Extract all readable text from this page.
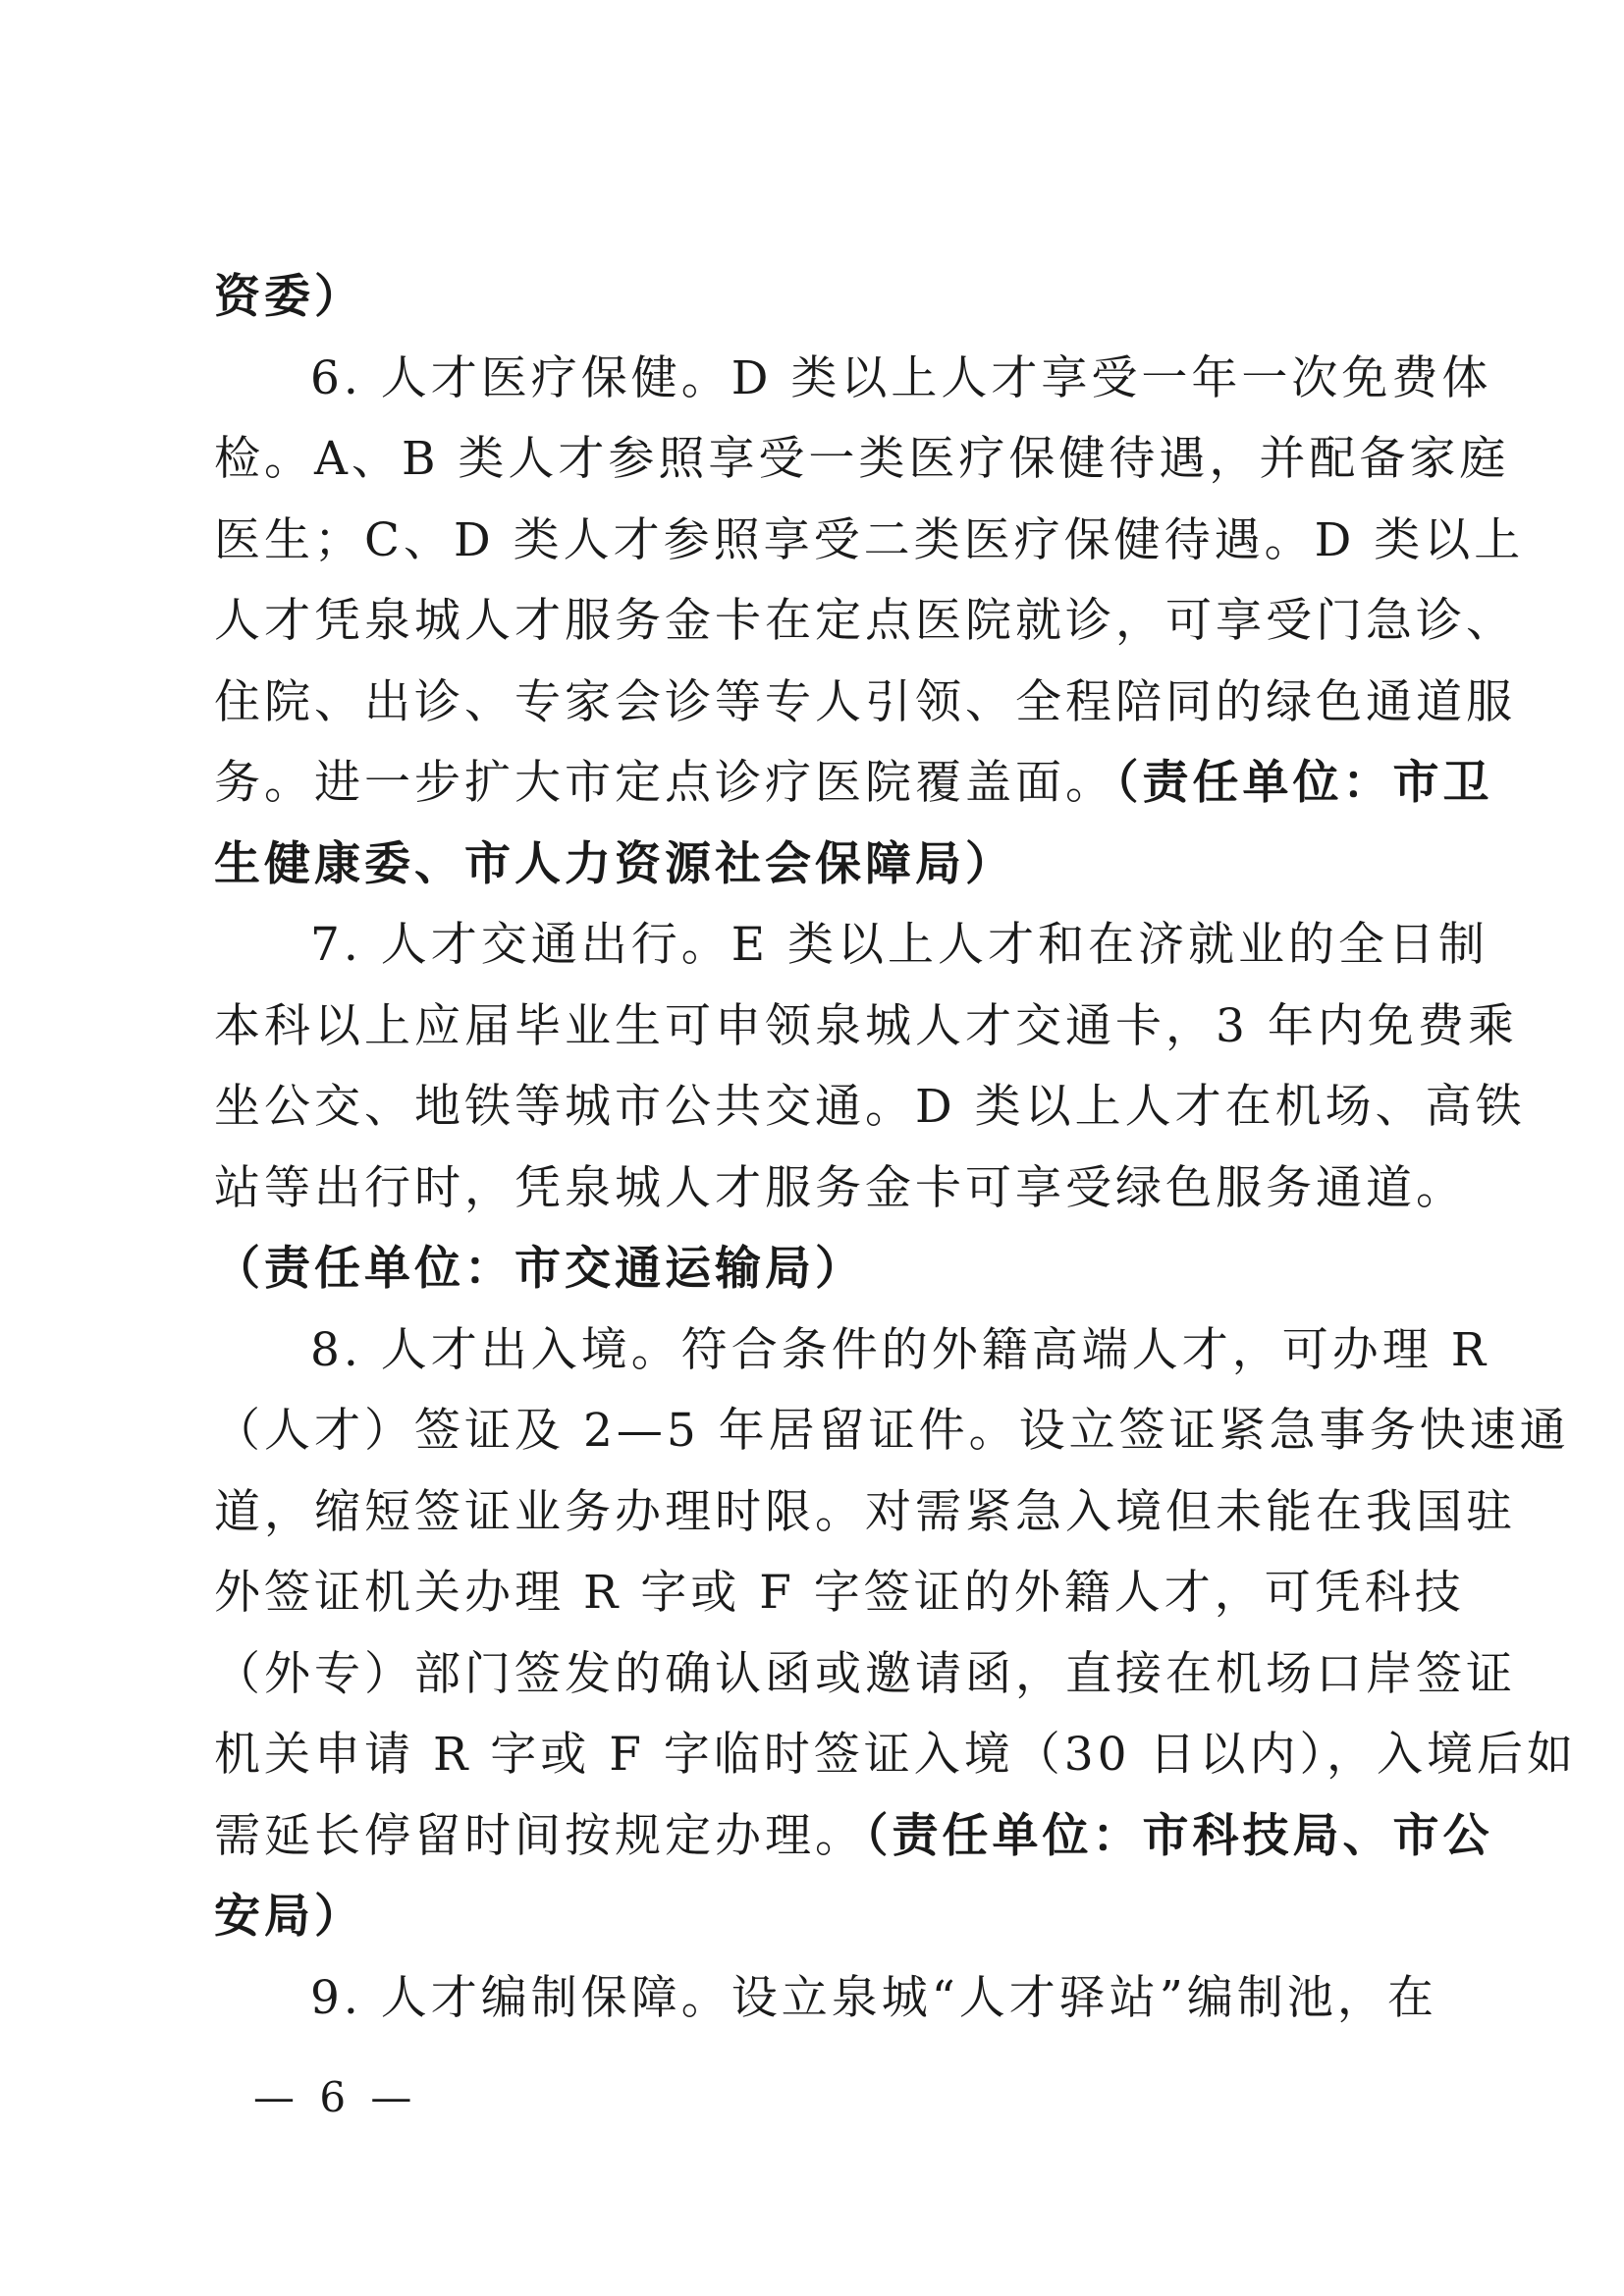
资委）
6. 人才医疗保健。D 类以上人才享受一年一次免费体
检。A、B 类人才参照享受一类医疗保健待遇，并配备家庭
医生；C、D 类人才参照享受二类医疗保健待遇。D 类以上
人才凭泉城人才服务金卡在定点医院就诊，可享受门急诊、
住院、出诊、专家会诊等专人引领、全程陪同的绿色通道服
务。进一步扩大市定点诊疗医院覆盖面。（责任单位：市卫
生健康委、市人力资源社会保障局）
7. 人才交通出行。E 类以上人才和在济就业的全日制
本科以上应届毕业生可申领泉城人才交通卡，3 年内免费乘
坐公交、地铁等城市公共交通。D 类以上人才在机场、高铁
站等出行时，凭泉城人才服务金卡可享受绿色服务通道。
（责任单位：市交通运输局）
8. 人才出入境。符合条件的外籍高端人才，可办理 R
（人才）签证及 2—5 年居留证件。设立签证紧急事务快速通
道，缩短签证业务办理时限。对需紧急入境但未能在我国驻
外签证机关办理 R 字或 F 字签证的外籍人才，可凭科技
（外专）部门签发的确认函或邀请函，直接在机场口岸签证
机关申请 R 字或 F 字临时签证入境（30 日以内），入境后如
需延长停留时间按规定办理。（责任单位：市科技局、市公
安局）
9. 人才编制保障。设立泉城“人才驿站”编制池，在
— 6 —
